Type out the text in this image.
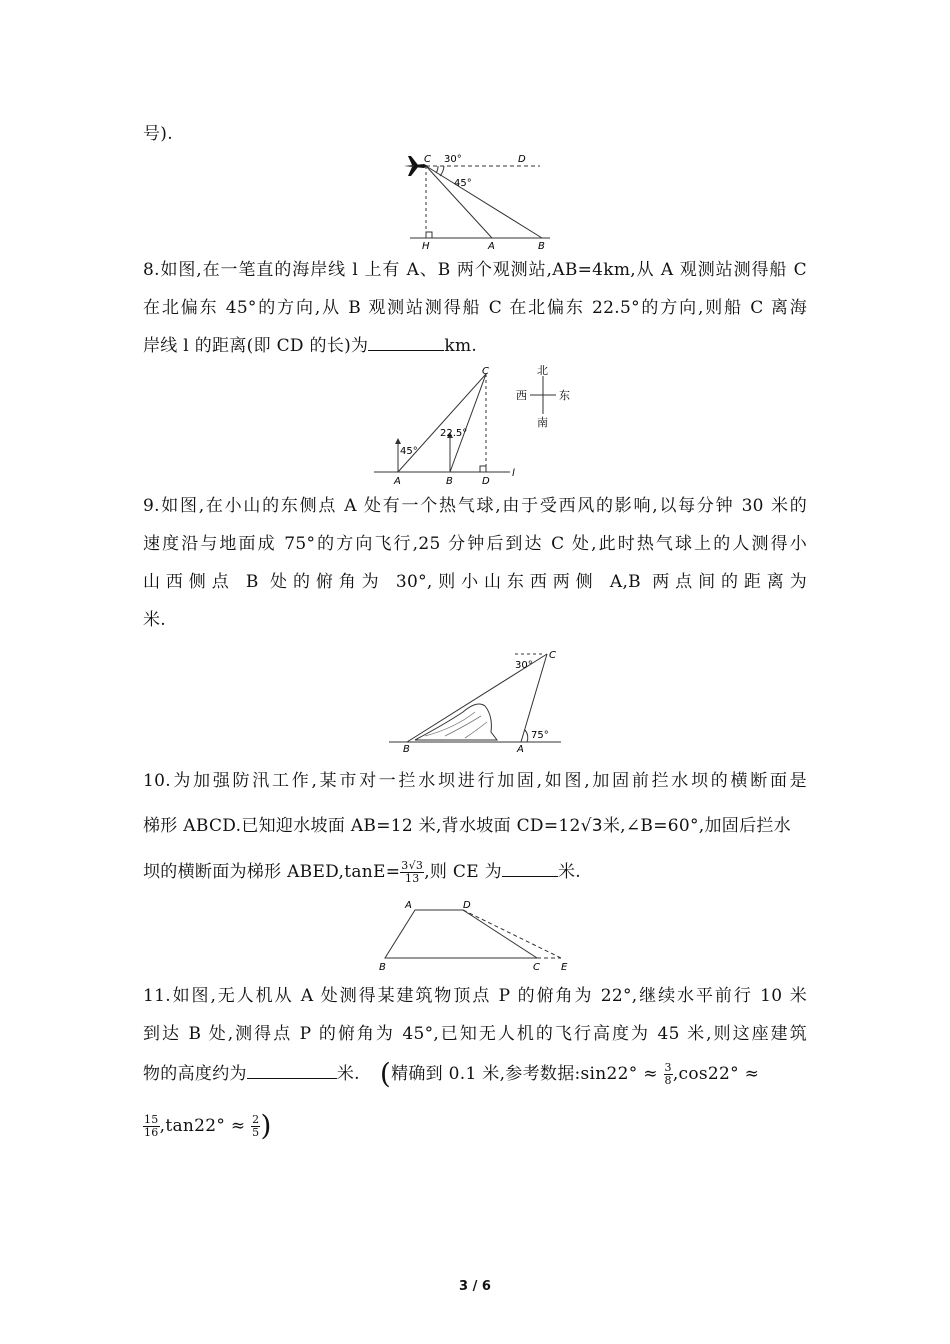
号).
C	D
H	A	B
30°
45°
8.如图,在一笔直的海岸线 l 上有 A、B 两个观测站,AB=4km,从 A 观测站测得船 C
在北偏东 45°的方向,从 B 观测站测得船 C 在北偏东 22.5°的方向,则船 C 离海
岸线 l 的距离(即 CD 的长)为	km.
A	B	D
l
C
45°
22.5°
北
南
西	东
9.如图,在小山的东侧点 A 处有一个热气球,由于受西风的影响,以每分钟 30 米的
速度沿与地面成 75°的方向飞行,25 分钟后到达 C 处,此时热气球上的人测得小
山西侧点 B 处的俯角为 30°,则小山东西两侧 A,B 两点间的距离为
米.
C
B	A
30°
75°
10.为加强防汛工作,某市对一拦水坝进行加固,如图,加固前拦水坝的横断面是
梯形 ABCD.已知迎水坡面 AB=12 米,背水坡面 CD=12√3米,∠B=60°,加固后拦水
坝的横断面为梯形 ABED,tanE= $\frac{3√3}{13}$ ,则 CE 为	米.
A	D
B	C E
11.如图,无人机从 A 处测得某建筑物顶点 P 的俯角为 22°,继续水平前行 10 米
到达 B 处,测得点 P 的俯角为 45°,已知无人机的飞行高度为 45 米,则这座建筑
物的高度约为	米. (精确到 0.1 米,参考数据:sin22° ≈ $\frac{3}{8} ,\cos 22^\circ$ ≈
$\frac{15}{16} ,\tan 22^\circ \approx \frac{2}{5}$ )
3 / 6
